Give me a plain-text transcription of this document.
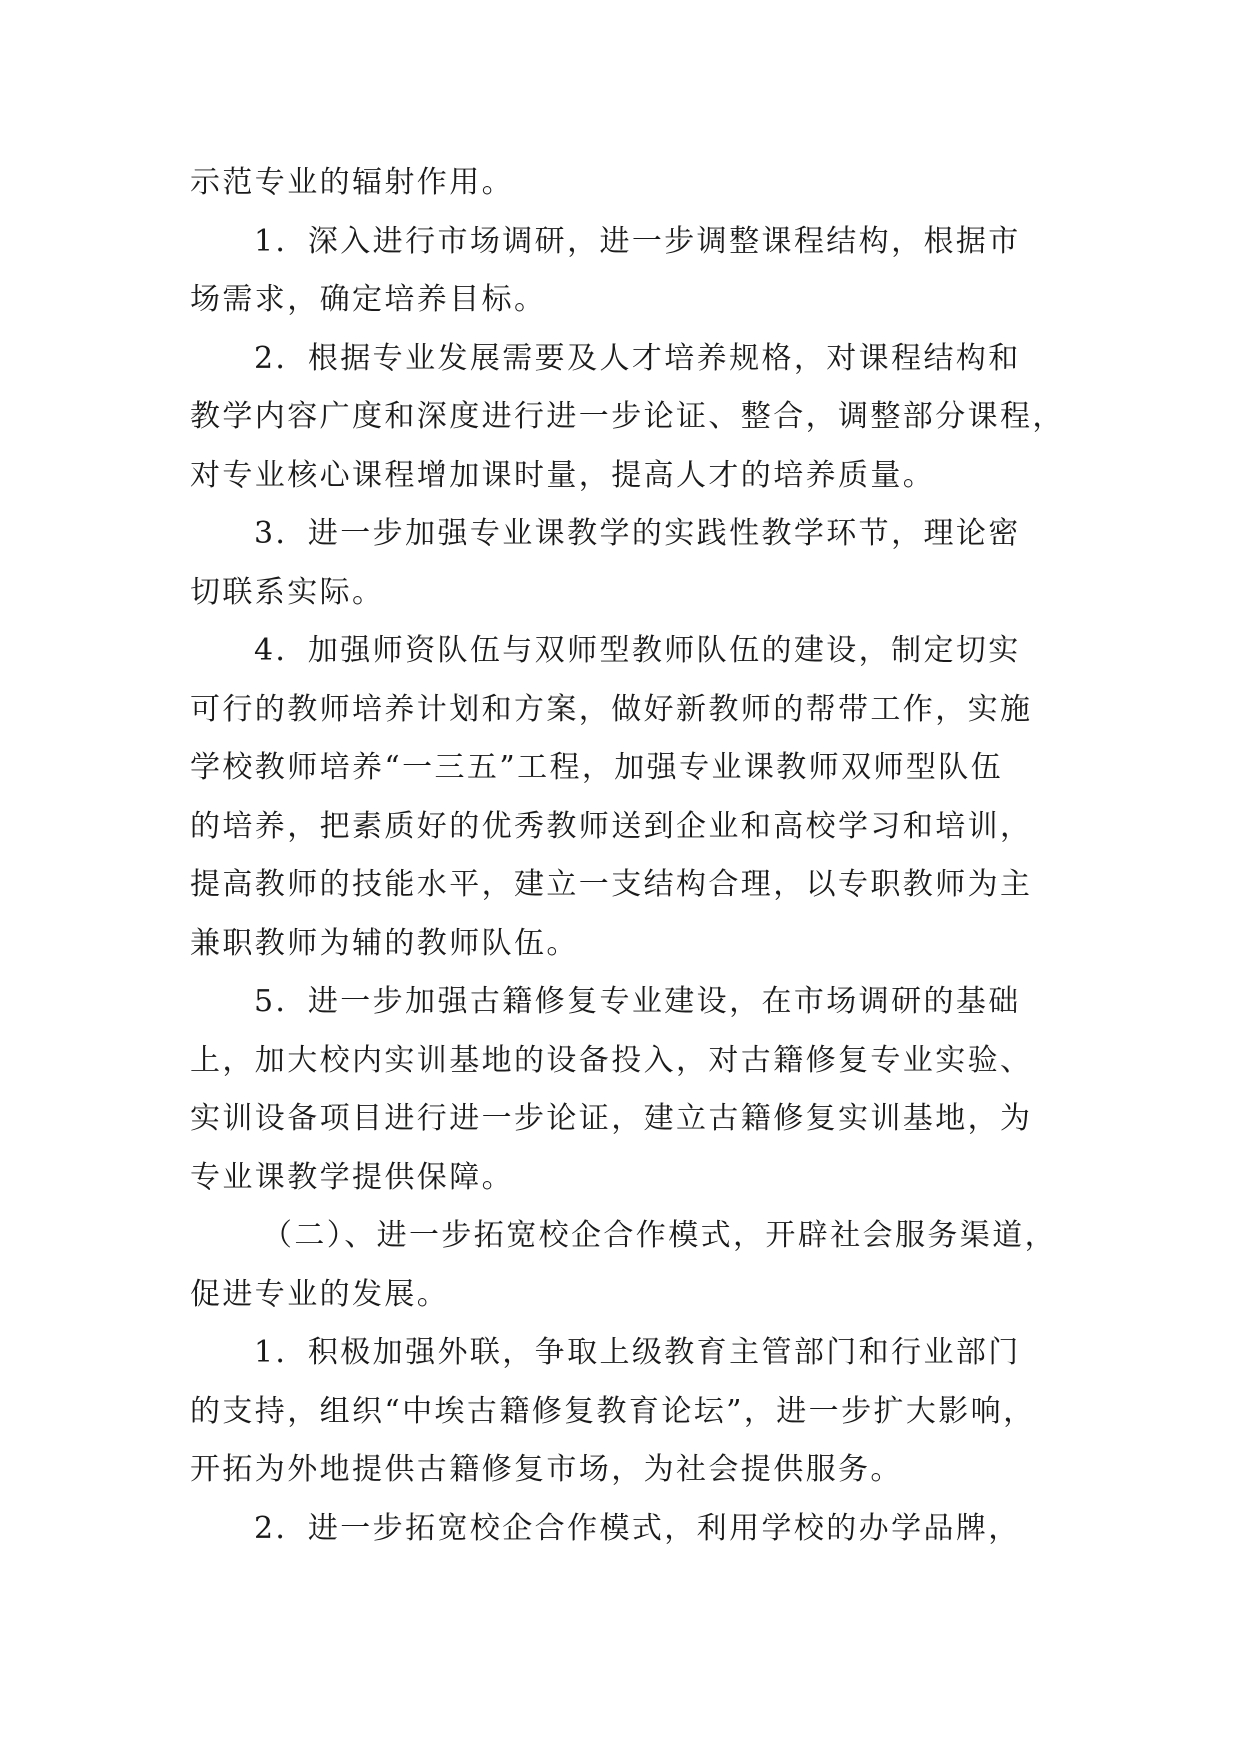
示范专业的辐射作用。
1．深入进行市场调研，进一步调整课程结构，根据市
场需求，确定培养目标。
2．根据专业发展需要及人才培养规格，对课程结构和
教学内容广度和深度进行进一步论证、整合，调整部分课程，
对专业核心课程增加课时量，提高人才的培养质量。
3．进一步加强专业课教学的实践性教学环节，理论密
切联系实际。
4．加强师资队伍与双师型教师队伍的建设，制定切实
可行的教师培养计划和方案，做好新教师的帮带工作，实施
学校教师培养“一三五”工程，加强专业课教师双师型队伍
的培养，把素质好的优秀教师送到企业和高校学习和培训，
提高教师的技能水平，建立一支结构合理，以专职教师为主
兼职教师为辅的教师队伍。
5．进一步加强古籍修复专业建设，在市场调研的基础
上，加大校内实训基地的设备投入，对古籍修复专业实验、
实训设备项目进行进一步论证，建立古籍修复实训基地，为
专业课教学提供保障。
（二）、进一步拓宽校企合作模式，开辟社会服务渠道，
促进专业的发展。
1．积极加强外联，争取上级教育主管部门和行业部门
的支持，组织“中埃古籍修复教育论坛”，进一步扩大影响，
开拓为外地提供古籍修复市场，为社会提供服务。
2．进一步拓宽校企合作模式，利用学校的办学品牌，
